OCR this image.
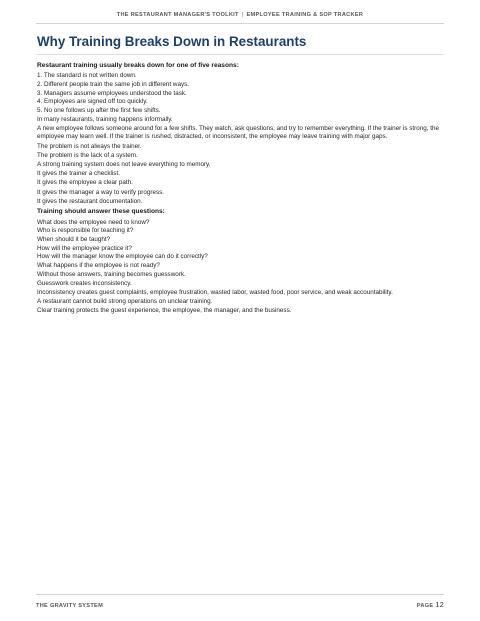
THE RESTAURANT MANAGER'S TOOLKIT | EMPLOYEE TRAINING & SOP TRACKER
Why Training Breaks Down in Restaurants
Restaurant training usually breaks down for one of five reasons:
1. The standard is not written down.
2. Different people train the same job in different ways.
3. Managers assume employees understood the task.
4. Employees are signed off too quickly.
5. No one follows up after the first few shifts.
In many restaurants, training happens informally.
A new employee follows someone around for a few shifts. They watch, ask questions, and try to remember everything. If the trainer is strong, the employee may learn well. If the trainer is rushed, distracted, or inconsistent, the employee may leave training with major gaps.
The problem is not always the trainer.
The problem is the lack of a system.
A strong training system does not leave everything to memory.
It gives the trainer a checklist.
It gives the employee a clear path.
It gives the manager a way to verify progress.
It gives the restaurant documentation.
Training should answer these questions:
What does the employee need to know?
Who is responsible for teaching it?
When should it be taught?
How will the employee practice it?
How will the manager know the employee can do it correctly?
What happens if the employee is not ready?
Without those answers, training becomes guesswork.
Guesswork creates inconsistency.
Inconsistency creates guest complaints, employee frustration, wasted labor, wasted food, poor service, and weak accountability.
A restaurant cannot build strong operations on unclear training.
Clear training protects the guest experience, the employee, the manager, and the business.
THE GRAVITY SYSTEM	PAGE 12
